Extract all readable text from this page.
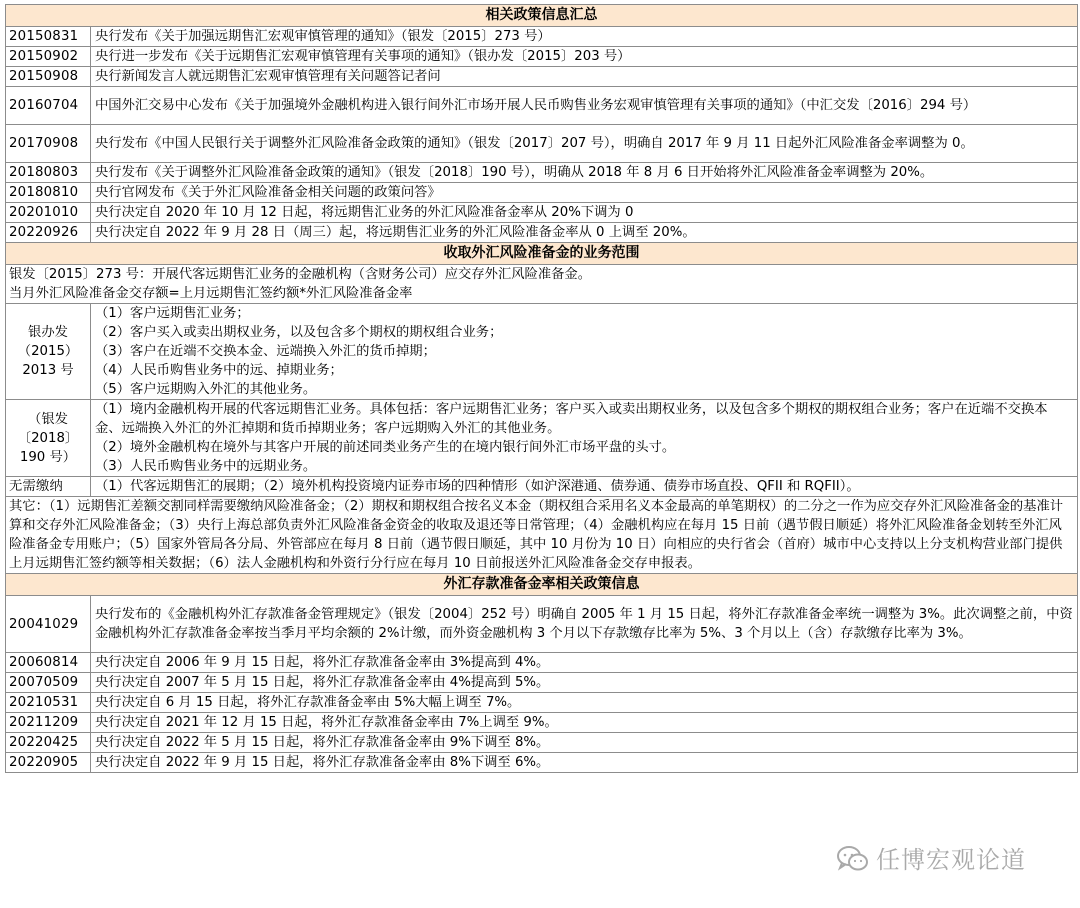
相关政策信息汇总	
20150831	央行发布《关于加强远期售汇宏观审慎管理的通知》（银发〔2015〕273 号）
20150902	央行进一步发布《关于远期售汇宏观审慎管理有关事项的通知》（银办发〔2015〕203 号）
20150908	央行新闻发言人就远期售汇宏观审慎管理有关问题答记者问
20160704	中国外汇交易中心发布《关于加强境外金融机构进入银行间外汇市场开展人民币购售业务宏观审慎管理有关事项的通知》（中汇交发〔2016〕294 号）
20170908	央行发布《中国人民银行关于调整外汇风险准备金政策的通知》（银发〔2017〕207 号），明确自 2017 年 9 月 11 日起外汇风险准备金率调整为 0。
20180803	央行发布《关于调整外汇风险准备金政策的通知》（银发〔2018〕190 号），明确从 2018 年 8 月 6 日开始将外汇风险准备金率调整为 20%。
20180810	央行官网发布《关于外汇风险准备金相关问题的政策问答》
20201010	央行决定自 2020 年 10 月 12 日起，将远期售汇业务的外汇风险准备金率从 20%下调为 0
20220926	央行决定自 2022 年 9 月 28 日（周三）起，将远期售汇业务的外汇风险准备金率从 0 上调至 20%。
收取外汇风险准备金的业务范围	

银发〔2015〕273 号：开展代客远期售汇业务的金融机构（含财务公司）应交存外汇风险准备金。
当月外汇风险准备金交存额=上月远期售汇签约额*外汇风险准备金率	

银办发
（2015）
2013 号	（1）客户远期售汇业务；
（2）客户买入或卖出期权业务，以及包含多个期权的期权组合业务；
（3）客户在近端不交换本金、远端换入外汇的货币掉期；
（4）人民币购售业务中的远、掉期业务；
（5）客户远期购入外汇的其他业务。

（银发
〔2018〕
190 号）	（1）境内金融机构开展的代客远期售汇业务。具体包括：客户远期售汇业务；客户买入或卖出期权业务，以及包含多个期权的期权组合业务；客户在近端不交换本金、远端换入外汇的外汇掉期和货币掉期业务；客户远期购入外汇的其他业务。
（2）境外金融机构在境外与其客户开展的前述同类业务产生的在境内银行间外汇市场平盘的头寸。
（3）人民币购售业务中的远期业务。

无需缴纳	（1）代客远期售汇的展期；（2）境外机构投资境内证券市场的四种情形（如沪深港通、债券通、债券市场直投、QFII 和 RQFII）。
其它：（1）远期售汇差额交割同样需要缴纳风险准备金；（2）期权和期权组合按名义本金（期权组合采用名义本金最高的单笔期权）的二分之一作为应交存外汇风险准备金的基准计算和交存外汇风险准备金；（3）央行上海总部负责外汇风险准备金资金的收取及退还等日常管理；（4）金融机构应在每月 15 日前（遇节假日顺延）将外汇风险准备金划转至外汇风险准备金专用账户；（5）国家外管局各分局、外管部应在每月 8 日前（遇节假日顺延，其中 10 月份为 10 日）向相应的央行省会（首府）城市中心支持以上分支机构营业部门提供上月远期售汇签约额等相关数据；（6）法人金融机构和外资行分行应在每月 10 日前报送外汇风险准备金交存申报表。	
外汇存款准备金率相关政策信息	
20041029	央行发布的《金融机构外汇存款准备金管理规定》（银发〔2004〕252 号）明确自 2005 年 1 月 15 日起，将外汇存款准备金率统一调整为 3%。此次调整之前，中资金融机构外汇存款准备金率按当季月平均余额的 2%计缴，而外资金融机构 3 个月以下存款缴存比率为 5%、3 个月以上（含）存款缴存比率为 3%。
20060814	央行决定自 2006 年 9 月 15 日起，将外汇存款准备金率由 3%提高到 4%。
20070509	央行决定自 2007 年 5 月 15 日起，将外汇存款准备金率由 4%提高到 5%。
20210531	央行决定自 6 月 15 日起，将外汇存款准备金率由 5%大幅上调至 7%。
20211209	央行决定自 2021 年 12 月 15 日起，将外汇存款准备金率由 7%上调至 9%。
20220425	央行决定自 2022 年 5 月 15 日起，将外汇存款准备金率由 9%下调至 8%。
20220905	央行决定自 2022 年 9 月 15 日起，将外汇存款准备金率由 8%下调至 6%。
任博宏观论道
